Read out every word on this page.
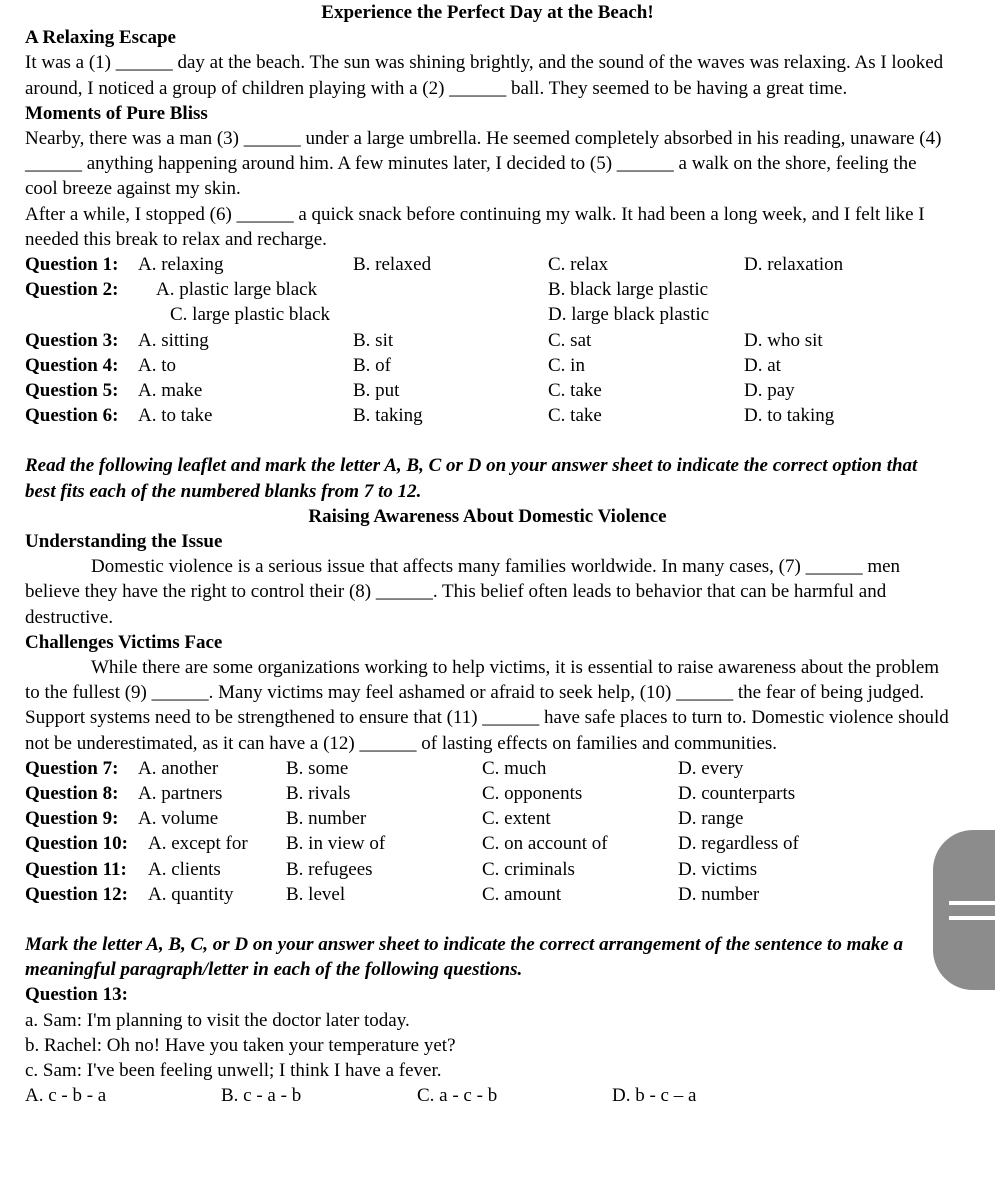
Experience the Perfect Day at the Beach!

A Relaxing Escape

It was a (1) ______ day at the beach. The sun was shining brightly, and the sound of the waves was relaxing. As I looked around, I noticed a group of children playing with a (2) ______ ball. They seemed to be having a great time.

Moments of Pure Bliss

Nearby, there was a man (3) ______ under a large umbrella. He seemed completely absorbed in his reading, unaware (4) ______ anything happening around him. A few minutes later, I decided to (5) ______ a walk on the shore, feeling the cool breeze against my skin.

After a while, I stopped (6) ______ a quick snack before continuing my walk. It had been a long week, and I felt like I needed this break to relax and recharge.

Question 1: A. relaxing	B. relaxed	C. relax	D. relaxation
Question 2: A. plastic large black	B. black large plastic
C. large plastic black	D. large black plastic
Question 3: A. sitting	B. sit	C. sat	D. who sit
Question 4: A. to	B. of	C. in	D. at
Question 5: A. make	B. put	C. take	D. pay
Question 6: A. to take	B. taking	C. take	D. to taking

Read the following leaflet and mark the letter A, B, C or D on your answer sheet to indicate the correct option that best fits each of the numbered blanks from 7 to 12.

Raising Awareness About Domestic Violence

Understanding the Issue

Domestic violence is a serious issue that affects many families worldwide. In many cases, (7) ______ men believe they have the right to control their (8) ______. This belief often leads to behavior that can be harmful and destructive.

Challenges Victims Face

While there are some organizations working to help victims, it is essential to raise awareness about the problem to the fullest (9) ______. Many victims may feel ashamed or afraid to seek help, (10) ______ the fear of being judged.

Support systems need to be strengthened to ensure that (11) ______ have safe places to turn to. Domestic violence should not be underestimated, as it can have a (12) ______ of lasting effects on families and communities.

Question 7: A. another	B. some	C. much	D. every
Question 8: A. partners	B. rivals	C. opponents	D. counterparts
Question 9: A. volume	B. number	C. extent	D. range
Question 10: A. except for B. in view of	C. on account of	D. regardless of
Question 11: A. clients	B. refugees	C. criminals	D. victims
Question 12: A. quantity	B. level	C. amount	D. number

Mark the letter A, B, C, or D on your answer sheet to indicate the correct arrangement of the sentence to make a meaningful paragraph/letter in each of the following questions.

Question 13:

a. Sam: I'm planning to visit the doctor later today.

b. Rachel: Oh no! Have you taken your temperature yet?

c. Sam: I've been feeling unwell; I think I have a fever.

A. c - b - a	B. c - a - b	C. a - c - b	D. b - c – a
